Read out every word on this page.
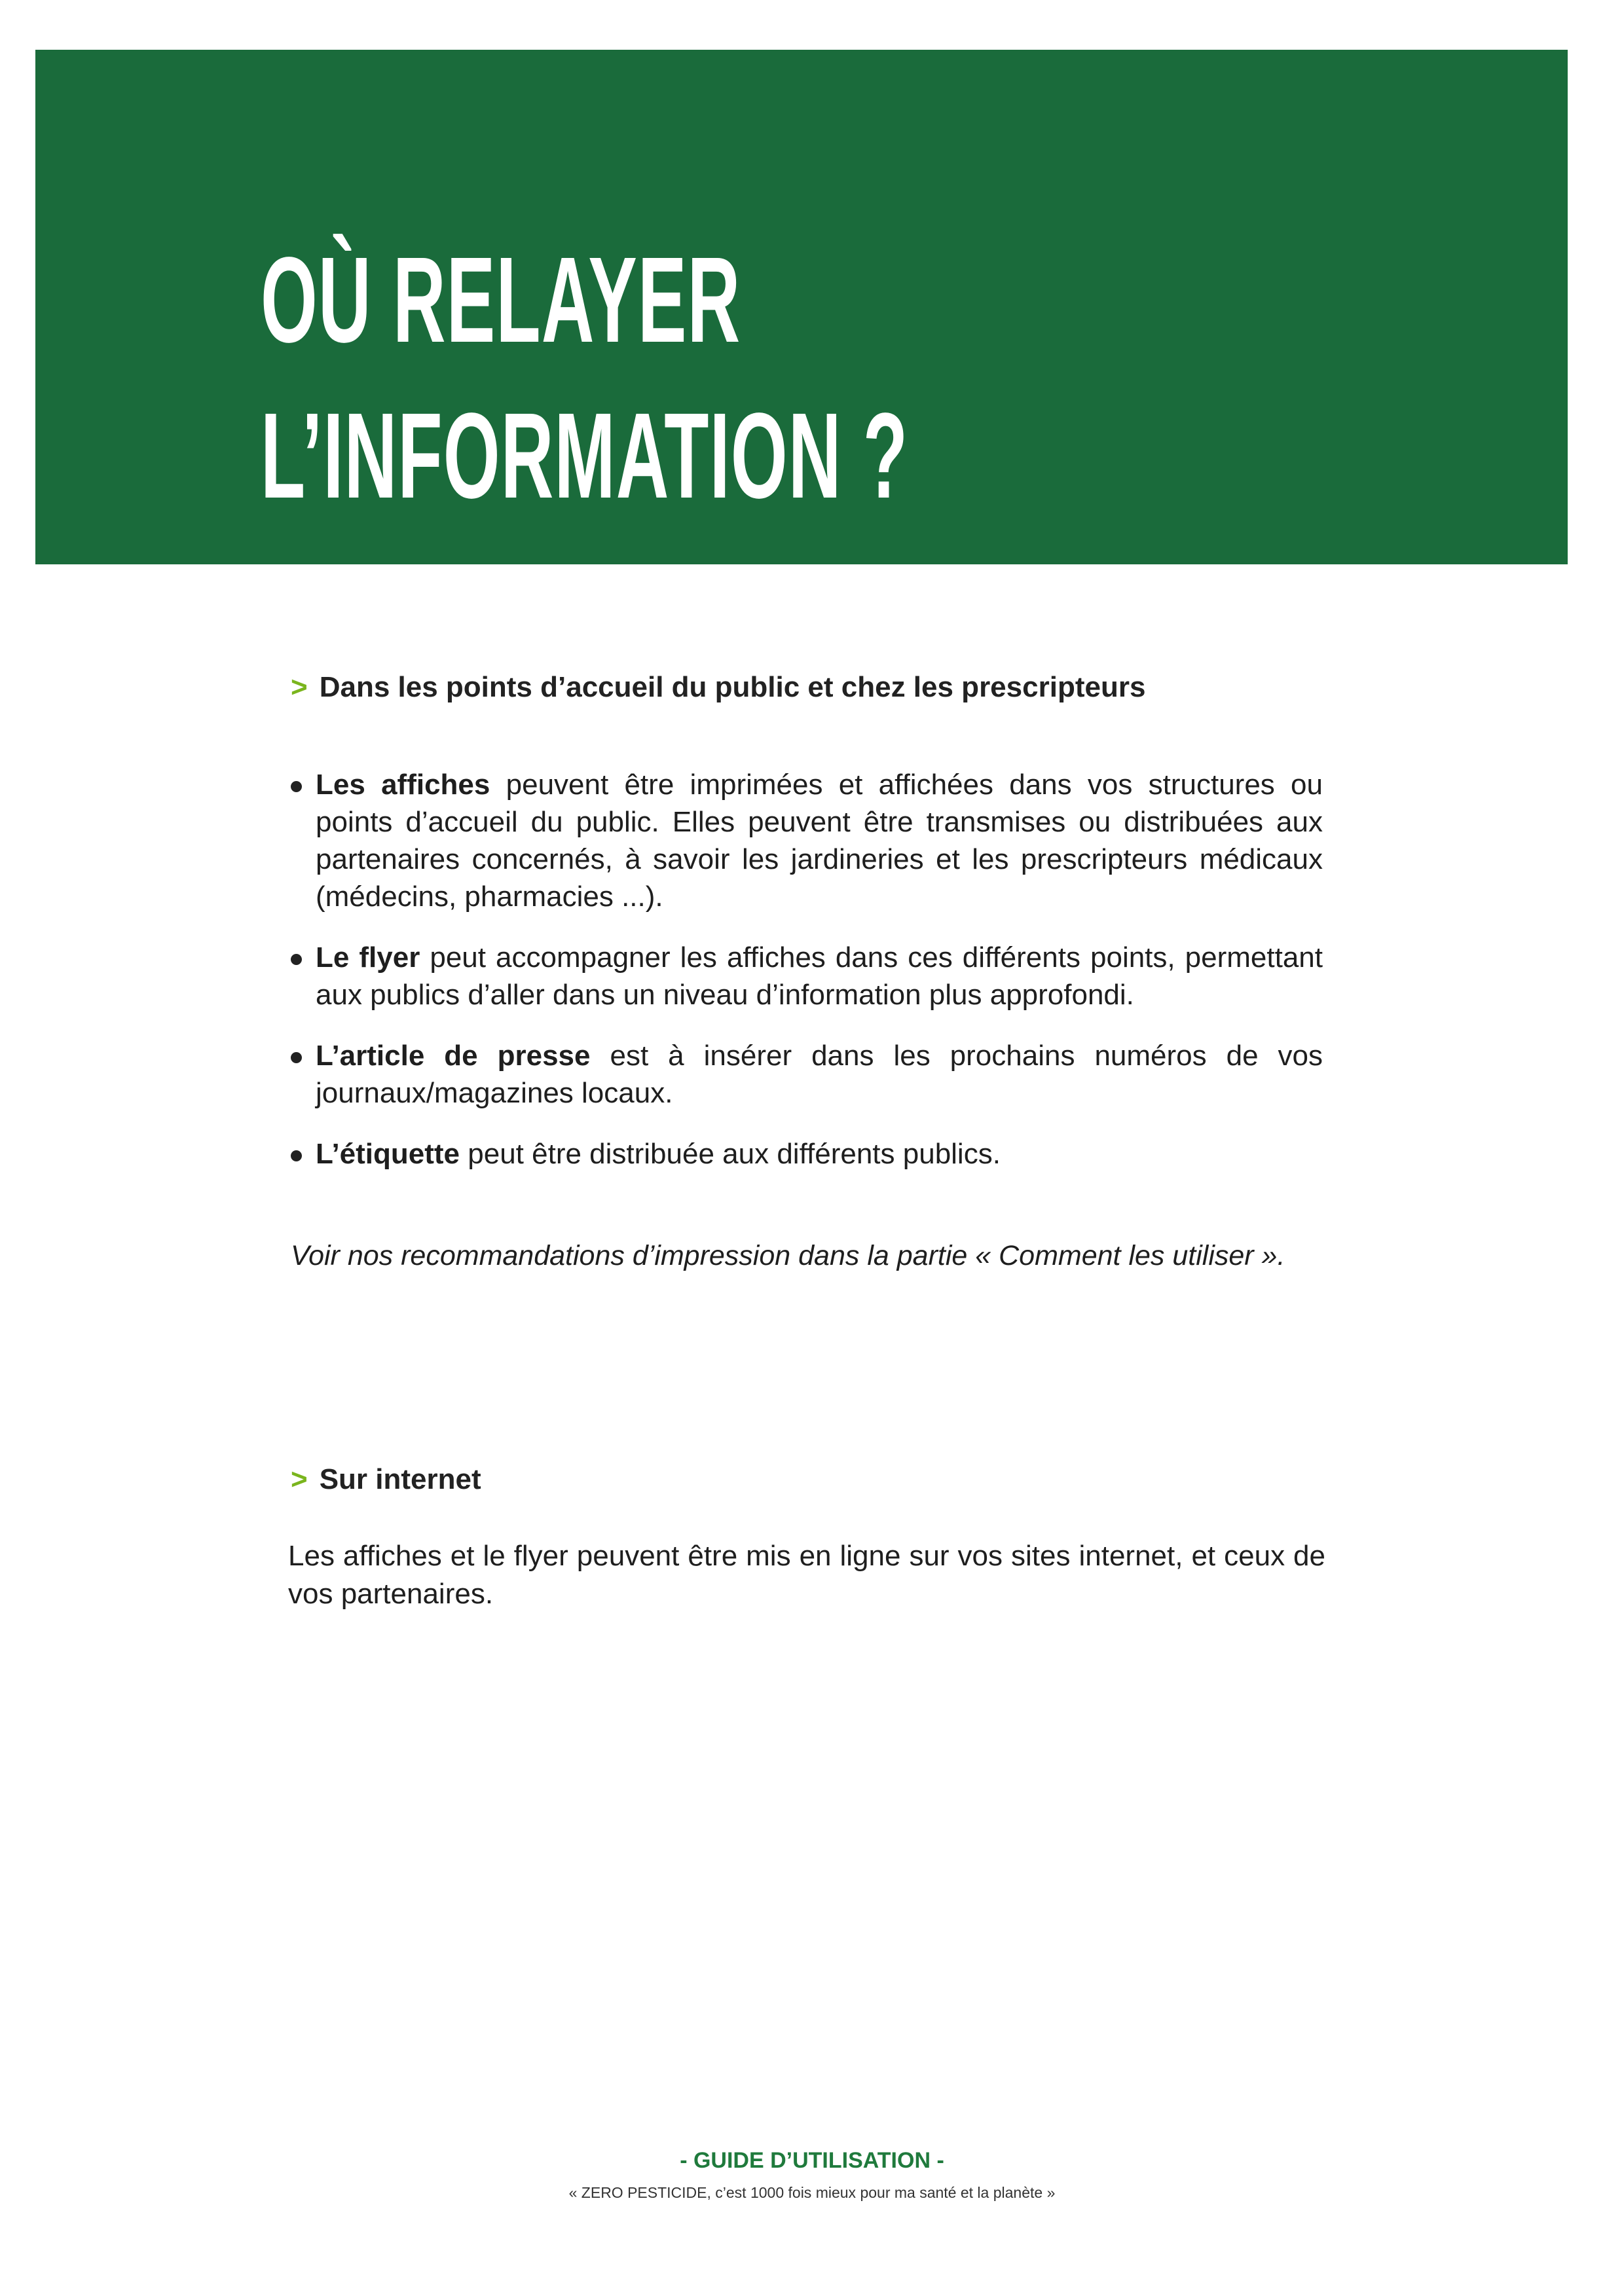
OÙ RELAYER
L’INFORMATION ?
> Dans les points d’accueil du public et chez les prescripteurs
Les affiches peuvent être imprimées et affichées dans vos structures ou points d’accueil du public. Elles peuvent être transmises ou distribuées aux partenaires concernés, à savoir les jardineries et les prescripteurs médicaux (médecins, pharmacies ...).
Le flyer peut accompagner les affiches dans ces différents points, permettant aux publics d’aller dans un niveau d’information plus approfondi.
L’article de presse est à insérer dans les prochains numéros de vos journaux/magazines locaux.
L’étiquette peut être distribuée aux différents publics.

Voir nos recommandations d’impression dans la partie « Comment les utiliser ».

> Sur internet

Les affiches et le flyer peuvent être mis en ligne sur vos sites internet, et ceux de vos partenaires.

- GUIDE D’UTILISATION -

« ZERO PESTICIDE, c’est 1000 fois mieux pour ma santé et la planète »
